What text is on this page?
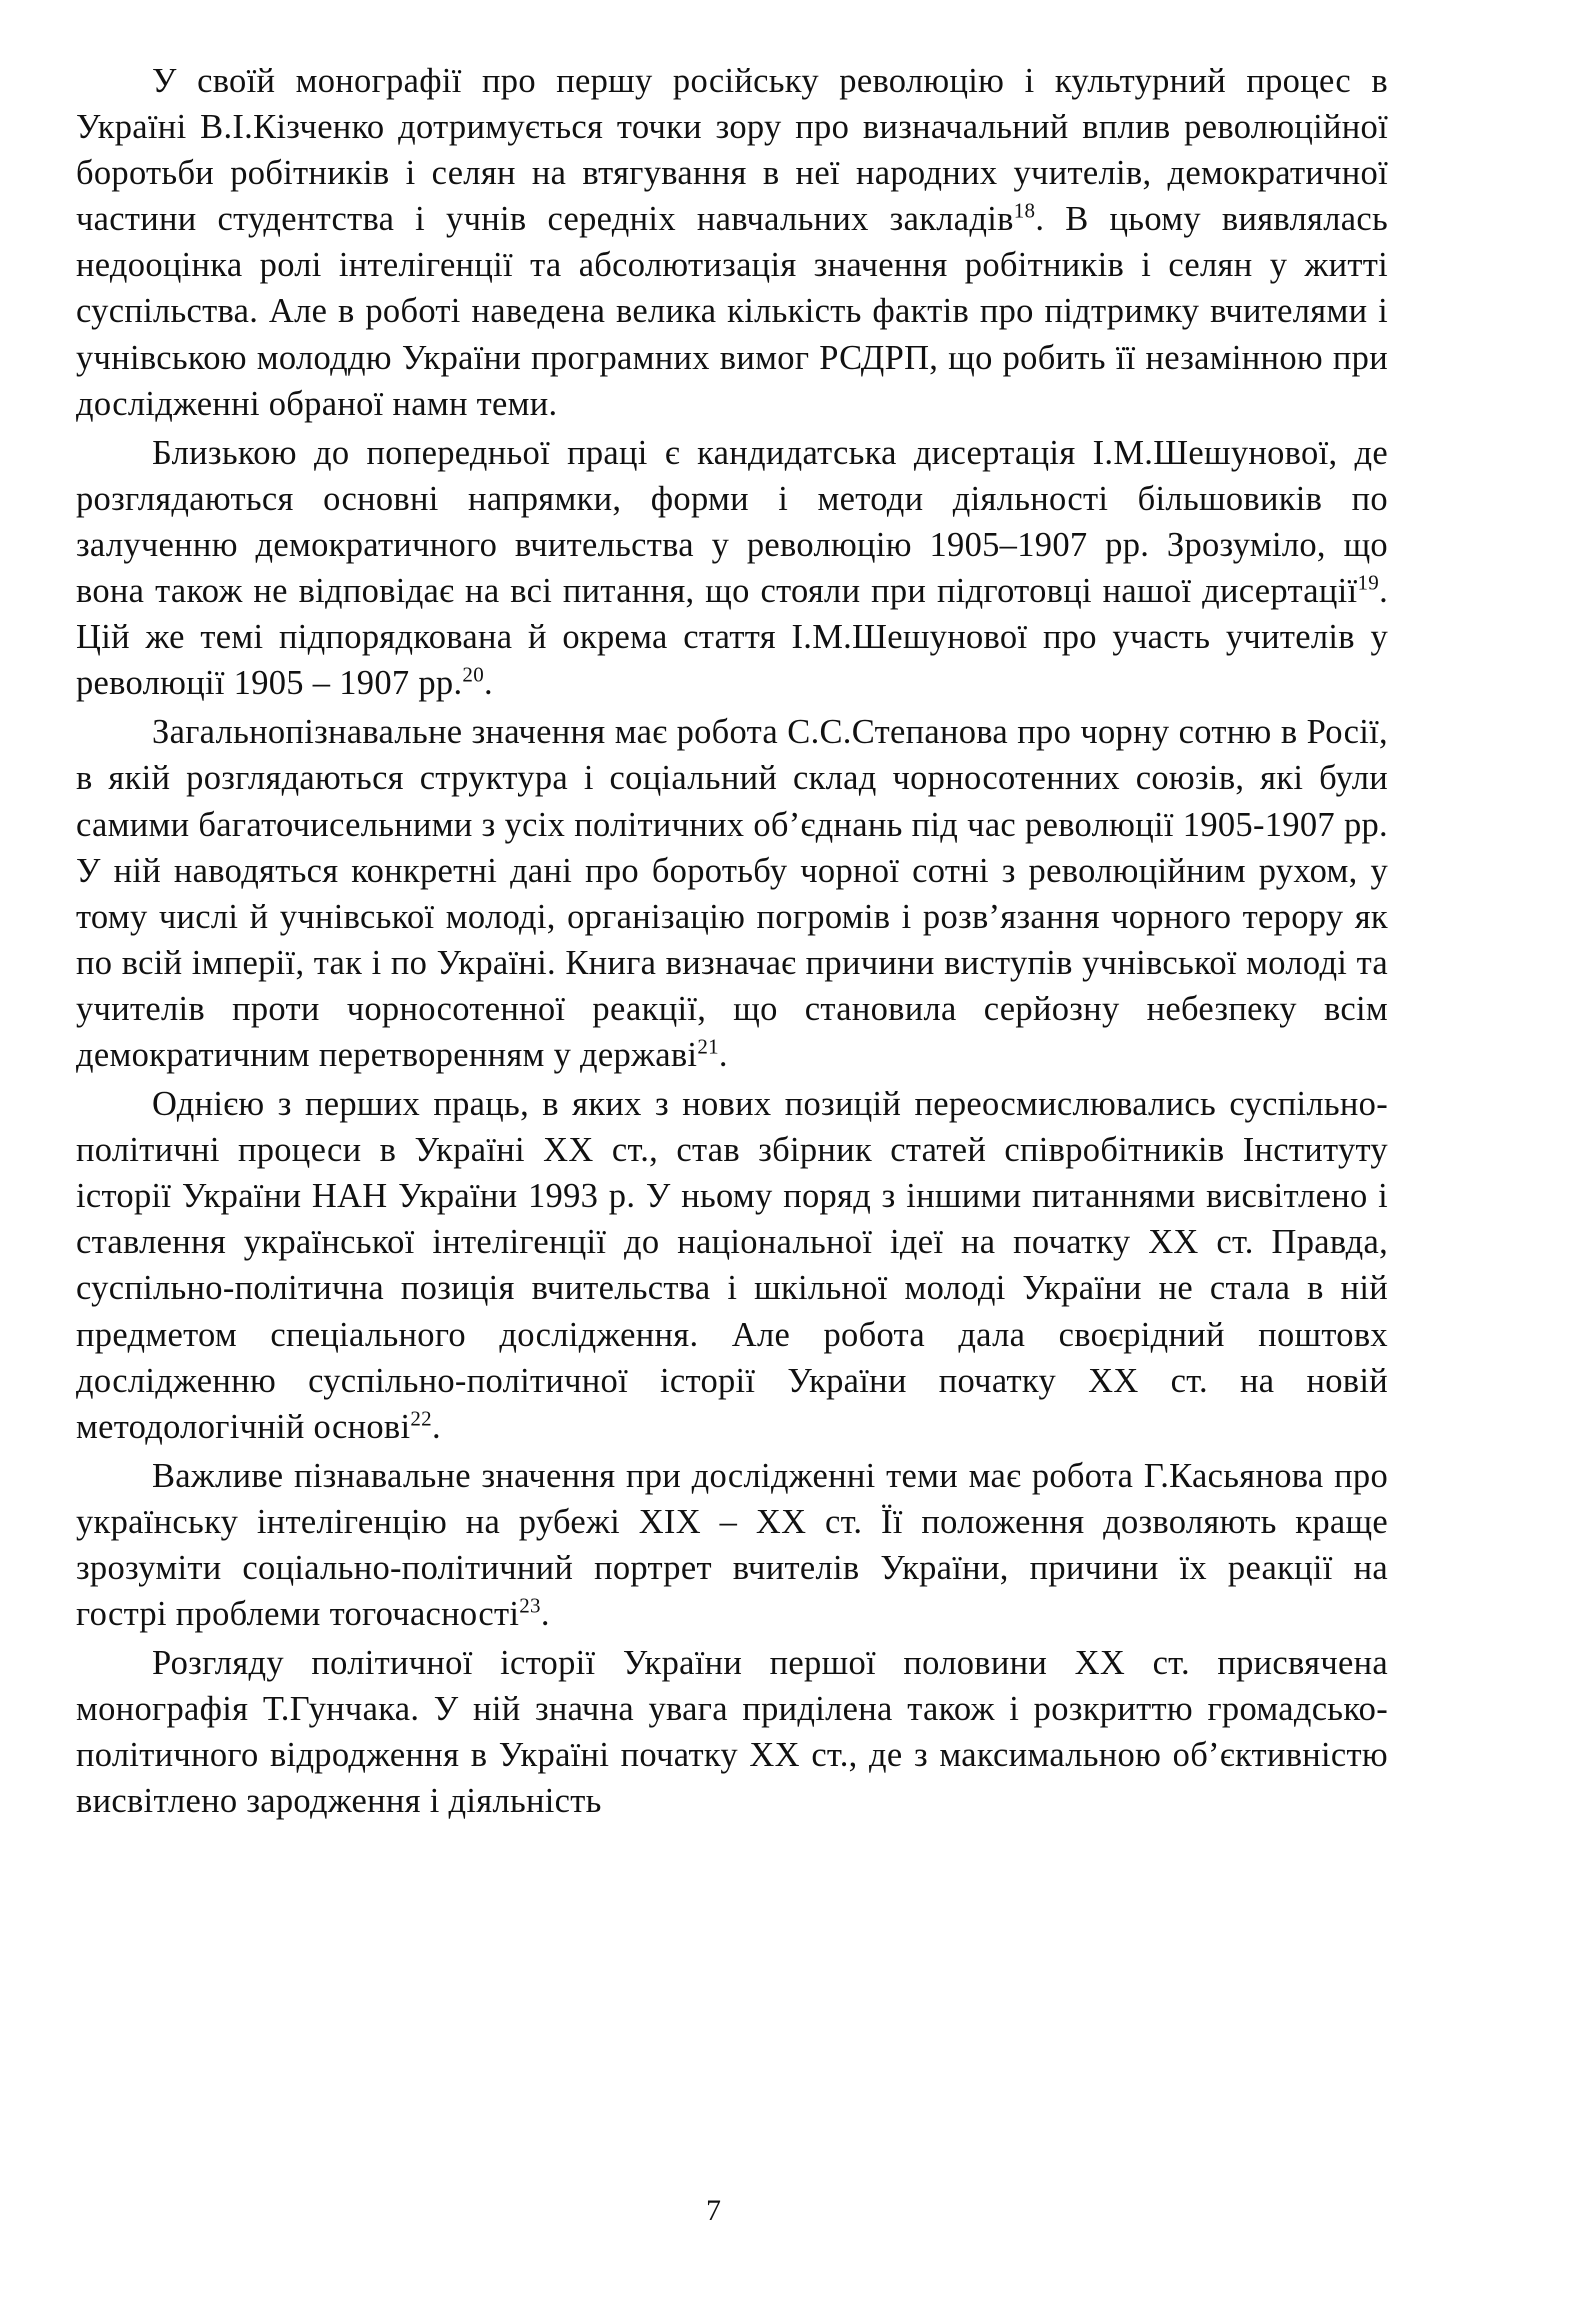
У своїй монографії про першу російську революцію і культурний процес в Україні В.І.Кізченко дотримується точки зору про визначальний вплив революційної боротьби робітників і селян на втягування в неї народних учителів, демократичної частини студентства і учнів середніх навчальних закладів$^{18}$. В цьому виявлялась недооцінка ролі інтелігенції та абсолютизація значення робітників і селян у житті суспільства. Але в роботі наведена велика кількість фактів про підтримку вчителями і учнівською молоддю України програмних вимог РСДРП, що робить її незамінною при дослідженні обраної намн теми.

Близькою до попередньої праці є кандидатська дисертація І.М.Шешунової, де розглядаються основні напрямки, форми і методи діяльності більшовиків по залученню демократичного вчительства у революцію 1905–1907 рр. Зрозуміло, що вона також не відповідає на всі питання, що стояли при підготовці нашої дисертації$^{19}$. Цій же темі підпорядкована й окрема стаття І.М.Шешунової про участь учителів у революції 1905 – 1907 рр.$^{20}$.

Загальнопізнавальне значення має робота С.С.Степанова про чорну сотню в Росії, в якій розглядаються структура і соціальний склад чорносотенних союзів, які були самими багаточисельними з усіх політичних об’єднань під час революції 1905-1907 рр. У ній наводяться конкретні дані про боротьбу чорної сотні з революційним рухом, у тому числі й учнівської молоді, організацію погромів і розв’язання чорного терору як по всій імперії, так і по Україні. Книга визначає причини виступів учнівської молоді та учителів проти чорносотенної реакції, що становила серйозну небезпеку всім демократичним перетворенням у державі$^{21}$.

Однією з перших праць, в яких з нових позицій переосмислювались суспільно-політичні процеси в Україні XX ст., став збірник статей співробітників Інституту історії України НАН України 1993 р. У ньому поряд з іншими питаннями висвітлено і ставлення української інтелігенції до національної ідеї на початку XX ст. Правда, суспільно-політична позиція вчительства і шкільної молоді України не стала в ній предметом спеціального дослідження. Але робота дала своєрідний поштовх дослідженню суспільно-політичної історії України початку XX ст. на новій методологічній основі$^{22}$.

Важливе пізнавальне значення при дослідженні теми має робота Г.Касьянова про українську інтелігенцію на рубежі XIX – XX ст. Її положення дозволяють краще зрозуміти соціально-політичний портрет вчителів України, причини їх реакції на гострі проблеми тогочасності$^{23}$.

Розгляду політичної історії України першої половини XX ст. присвячена монографія Т.Гунчака. У ній значна увага приділена також і розкриттю громадсько-політичного відродження в Україні початку XX ст., де з максимальною об’єктивністю висвітлено зародження і діяльність

7
